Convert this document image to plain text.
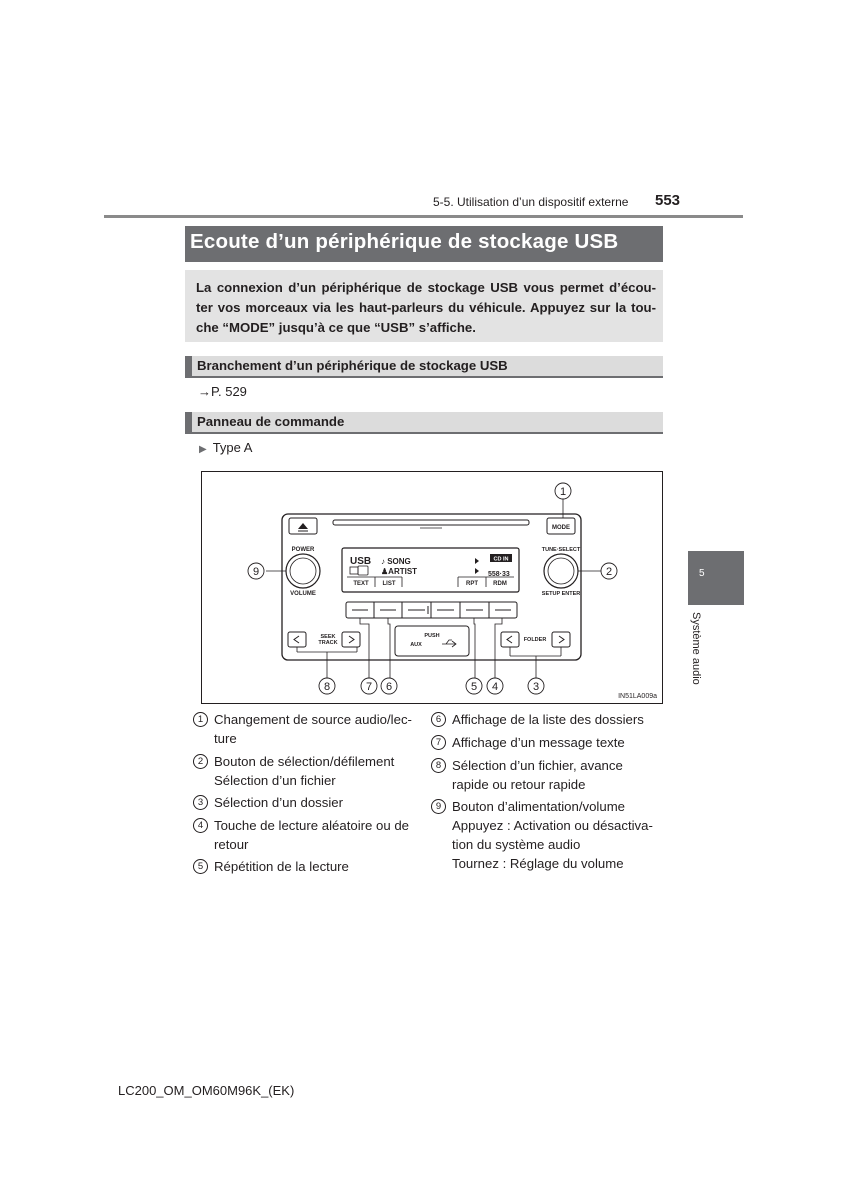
5-5. Utilisation d’un dispositif externe 553
5
Système audio
Ecoute d’un périphérique de stockage USB
La connexion d’un périphérique de stockage USB vous permet d’écou-ter vos morceaux via les haut-parleurs du véhicule. Appuyez sur la tou-che “MODE” jusqu’à ce que “USB” s’affiche.
Branchement d’un périphérique de stockage USB
→P. 529
Panneau de commande
▶ Type A
MODE
POWER
VOLUME
TUNE·SELECT
SETUP ENTER
USB ♪ SONG
♟ARTIST
CD IN
558·33
TEXT LIST	RPT	RDM
SEEK
TRACK
PUSH
AUX
FOLDER
1
2
3
4
5
6
7
8
9
IN51LA009a
1 Changement de source audio/lec-
ture
2 Bouton de sélection/défilement
Sélection d’un fichier
3 Sélection d’un dossier
4 Touche de lecture aléatoire ou de
retour
5 Répétition de la lecture
6 Affichage de la liste des dossiers
7 Affichage d’un message texte
8 Sélection d’un fichier, avance
rapide ou retour rapide
9 Bouton d’alimentation/volume
Appuyez : Activation ou désactiva-
tion du système audio
Tournez : Réglage du volume
LC200_OM_OM60M96K_(EK)
